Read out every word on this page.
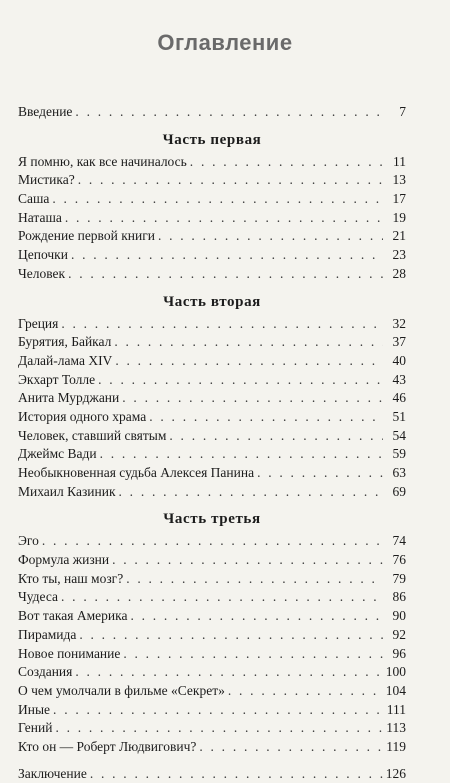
Оглавление
Введение . . .	7
Часть первая
Я помню, как все начиналось . . .	11
Мистика? . . .	13
Саша . . .	17
Наташа . . .	19
Рождение первой книги . . .	21
Цепочки . . .	23
Человек . . .	28
Часть вторая
Греция . . .	32
Бурятия, Байкал . . .	37
Далай-лама XIV . . .	40
Экхарт Толле . . .	43
Анита Мурджани . . .	46
История одного храма . . .	51
Человек, ставший святым . . .	54
Джеймс Вади . . .	59
Необыкновенная судьба Алексея Панина . . .	63
Михаил Казиник . . .	69
Часть третья
Эго . . .	74
Формула жизни . . .	76
Кто ты, наш мозг? . . .	79
Чудеса . . .	86
Вот такая Америка . . .	90
Пирамида . . .	92
Новое понимание . . .	96
Создания . . .	100
О чем умолчали в фильме «Секрет» . . .	104
Иные . . .	111
Гений . . .	113
Кто он — Роберт Людвигович? . . .	119
Заключение . . .	126
